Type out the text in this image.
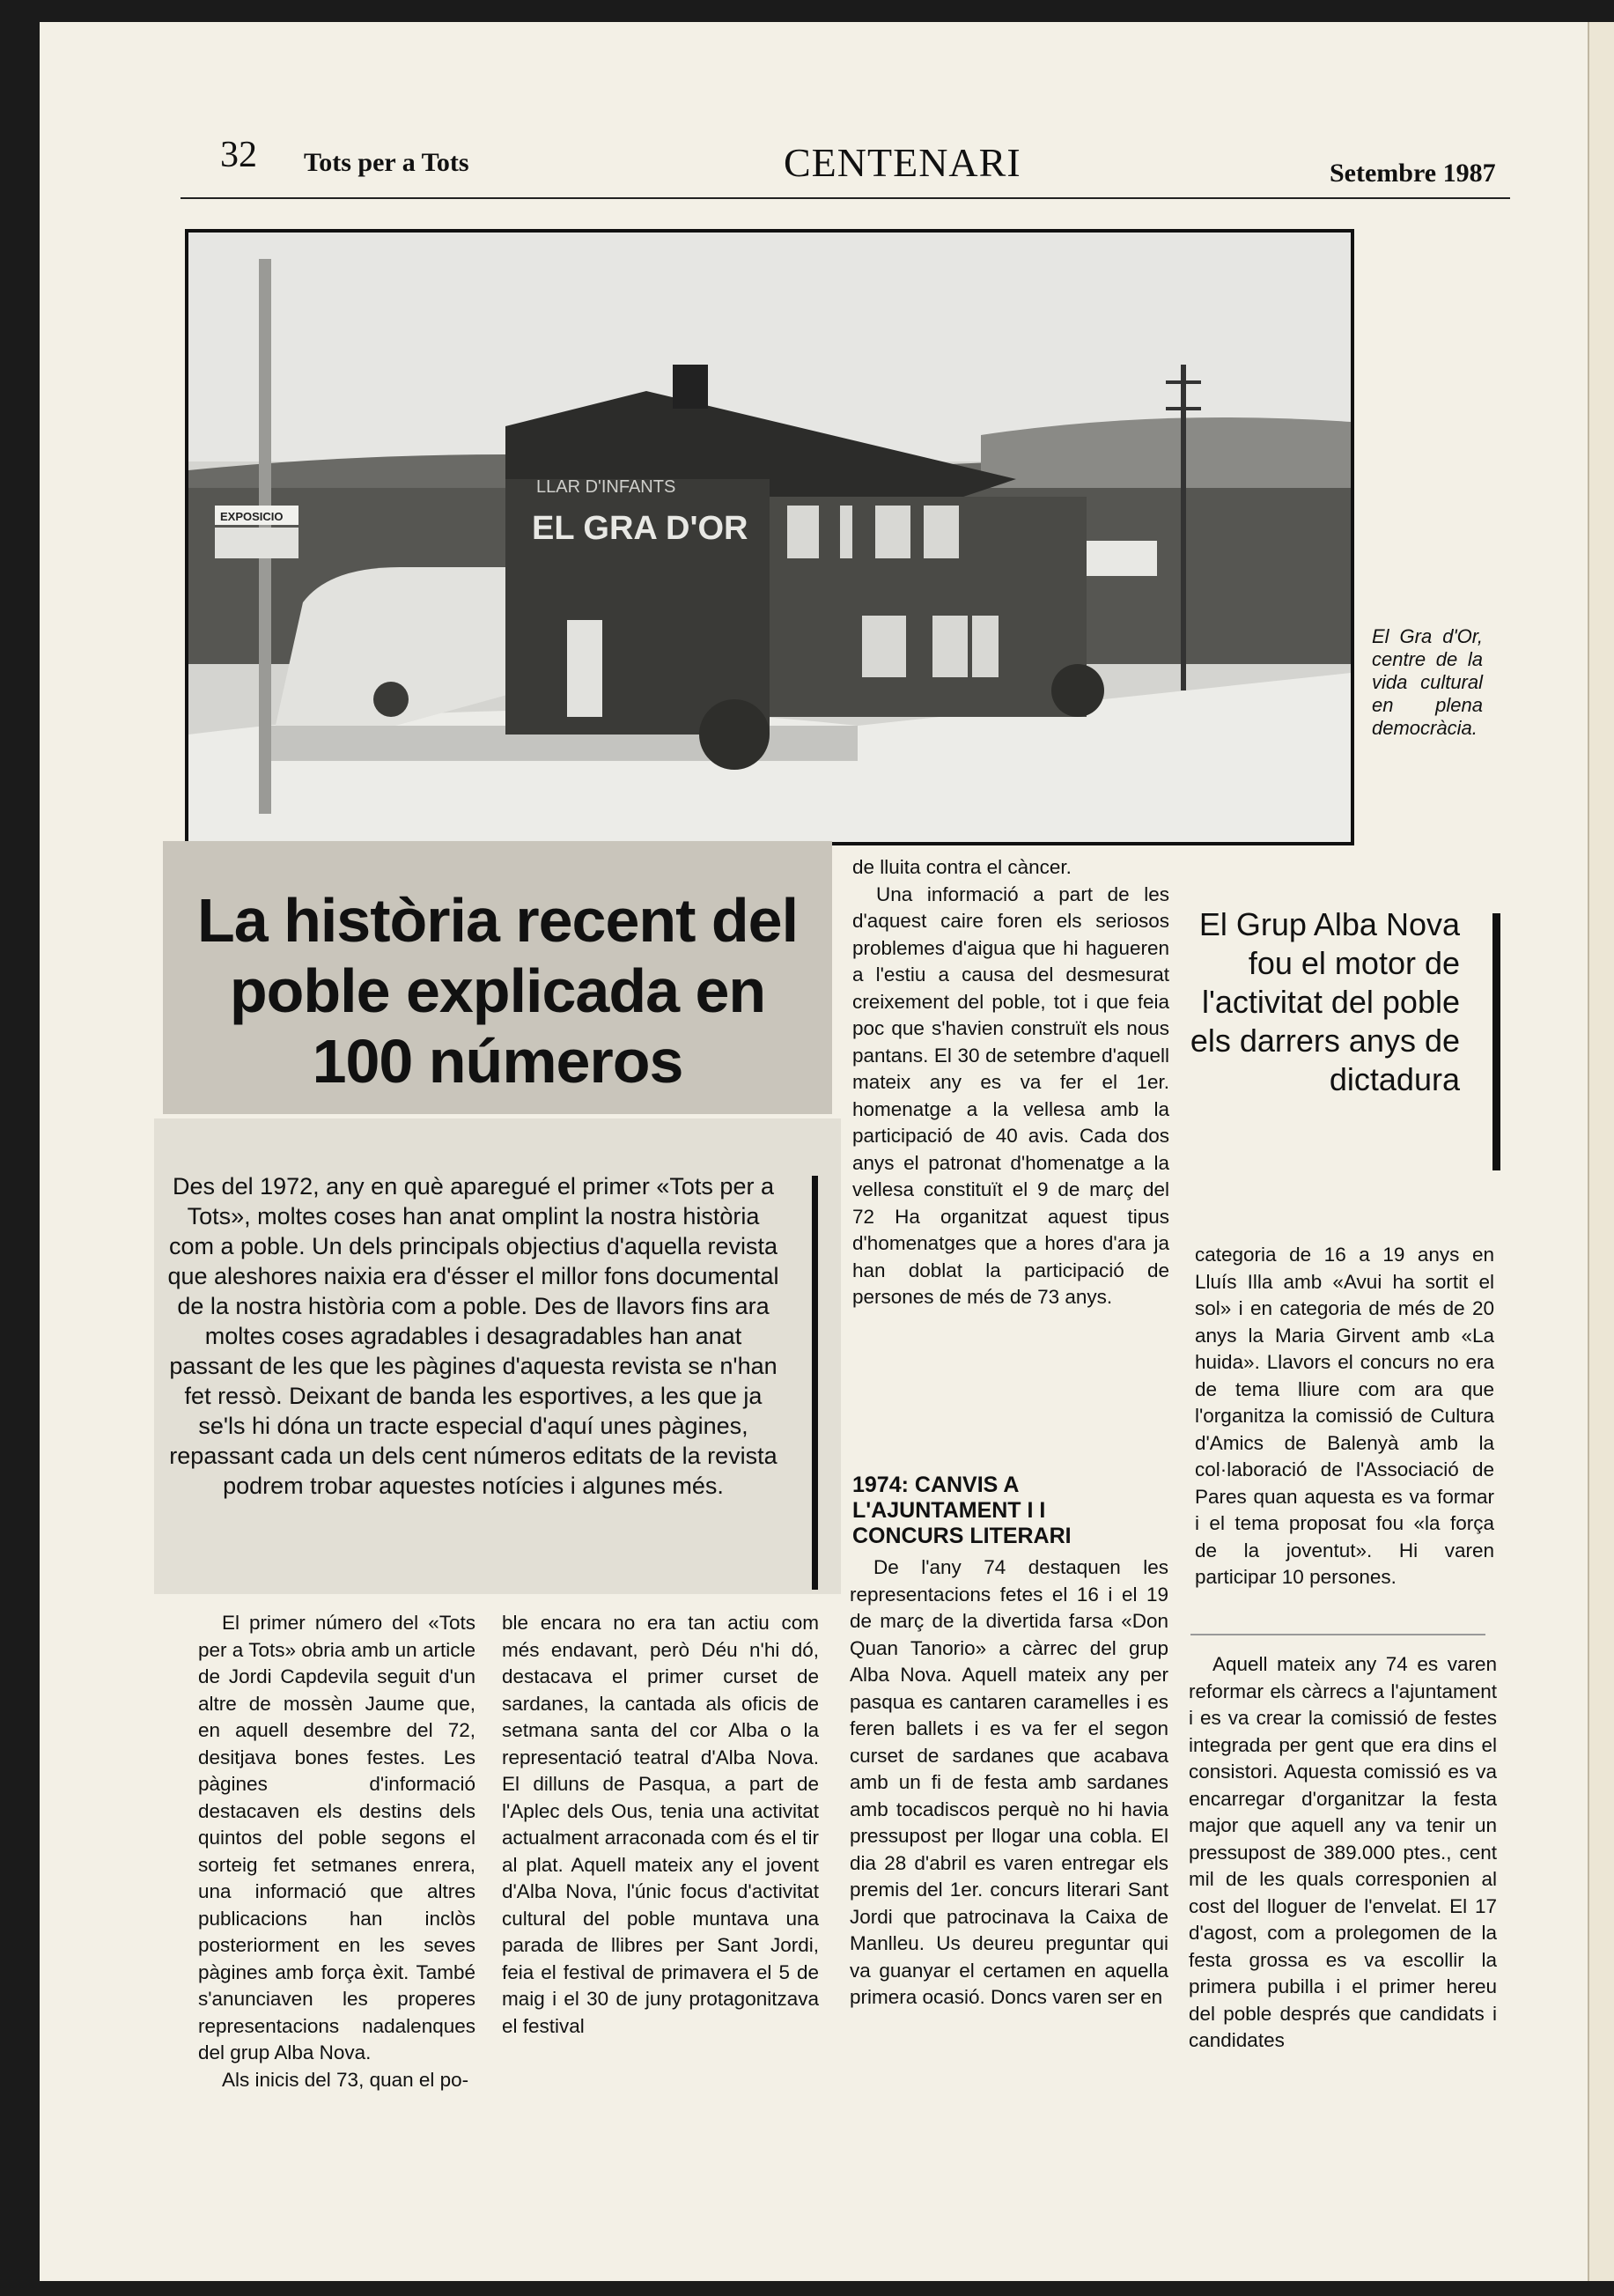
32 Tots per a Tots	CENTENARI	Setembre 1987
LLAR D'INFANTS
EL GRA D'OR
EXPOSICIO
El Gra d'Or, centre de la vida cultural en plena democràcia.
La història recent del poble explicada en 100 números
Des del 1972, any en què aparegué el primer «Tots per a Tots», moltes coses han anat omplint la nostra història com a poble. Un dels principals objectius d'aquella revista que aleshores naixia era d'ésser el millor fons documental de la nostra història com a poble. Des de llavors fins ara moltes coses agradables i desagradables han anat passant de les que les pàgines d'aquesta revista se n'han fet ressò. Deixant de banda les esportives, a les que ja se'ls hi dóna un tracte especial d'aquí unes pàgines, repassant cada un dels cent números editats de la revista podrem trobar aquestes notícies i algunes més.
El primer número del «Tots per a Tots» obria amb un article de Jordi Capdevila seguit d'un altre de mossèn Jaume que, en aquell desembre del 72, desitjava bones festes. Les pàgines d'informació destacaven els destins dels quintos del poble segons el sorteig fet setmanes enrera, una informació que altres publicacions han inclòs posteriorment en les seves pàgines amb força èxit. També s'anunciaven les properes representacions nadalenques del grup Alba Nova.
Als inicis del 73, quan el po-
ble encara no era tan actiu com més endavant, però Déu n'hi dó, destacava el primer curset de sardanes, la cantada als oficis de setmana santa del cor Alba o la representació teatral d'Alba Nova. El dilluns de Pasqua, a part de l'Aplec dels Ous, tenia una activitat actualment arraconada com és el tir al plat. Aquell mateix any el jovent d'Alba Nova, l'únic focus d'activitat cultural del poble muntava una parada de llibres per Sant Jordi, feia el festival de primavera el 5 de maig i el 30 de juny protagonitzava el festival
de lluita contra el càncer.
Una informació a part de les d'aquest caire foren els seriosos problemes d'aigua que hi hagueren a l'estiu a causa del desmesurat creixement del poble, tot i que feia poc que s'havien construït els nous pantans. El 30 de setembre d'aquell mateix any es va fer el 1er. homenatge a la vellesa amb la participació de 40 avis. Cada dos anys el patronat d'homenatge a la vellesa constituït el 9 de març del 72 Ha organitzat aquest tipus d'homenatges que a hores d'ara ja han doblat la participació de persones de més de 73 anys.
1974: CANVIS A L'AJUNTAMENT I I CONCURS LITERARI
De l'any 74 destaquen les representacions fetes el 16 i el 19 de març de la divertida farsa «Don Quan Tanorio» a càrrec del grup Alba Nova. Aquell mateix any per pasqua es cantaren caramelles i es feren ballets i es va fer el segon curset de sardanes que acabava amb un fi de festa amb sardanes amb tocadiscos perquè no hi havia pressupost per llogar una cobla. El dia 28 d'abril es varen entregar els premis del 1er. concurs literari Sant Jordi que patrocinava la Caixa de Manlleu. Us deureu preguntar qui va guanyar el certamen en aquella primera ocasió. Doncs varen ser en
El Grup Alba Nova fou el motor de l'activitat del poble els darrers anys de dictadura
categoria de 16 a 19 anys en Lluís Illa amb «Avui ha sortit el sol» i en categoria de més de 20 anys la Maria Girvent amb «La huida». Llavors el concurs no era de tema lliure com ara que l'organitza la comissió de Cultura d'Amics de Balenyà amb la col·laboració de l'Associació de Pares quan aquesta es va formar i el tema proposat fou «la força de la joventut». Hi varen participar 10 persones.
Aquell mateix any 74 es varen reformar els càrrecs a l'ajuntament i es va crear la comissió de festes integrada per gent que era dins el consistori. Aquesta comissió es va encarregar d'organitzar la festa major que aquell any va tenir un pressupost de 389.000 ptes., cent mil de les quals corresponien al cost del lloguer de l'envelat. El 17 d'agost, com a prolegomen de la festa grossa es va escollir la primera pubilla i el primer hereu del poble després que candidats i candidates
